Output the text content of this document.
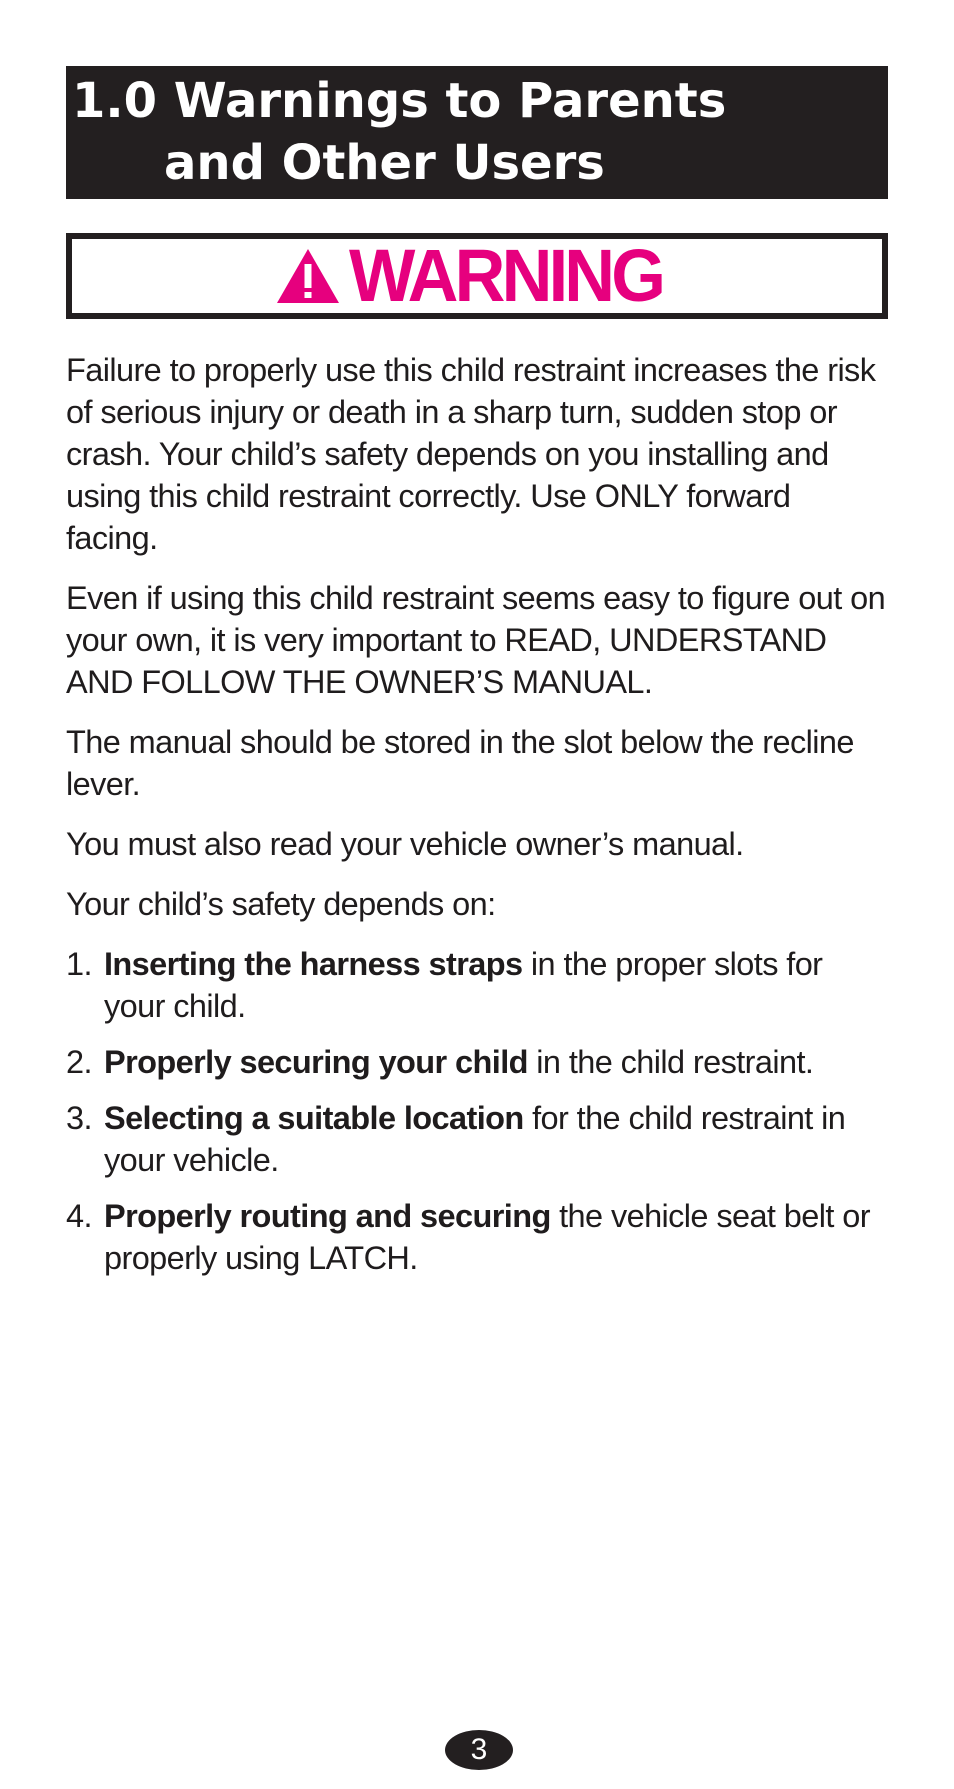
1.0 Warnings to Parents
and Other Users
WARNING

Failure to properly use this child restraint increases the risk of serious injury or death in a sharp turn, sudden stop or crash. Your child’s safety depends on you installing and using this child restraint correctly. Use ONLY forward facing.

Even if using this child restraint seems easy to figure out on your own, it is very important to READ, UNDERSTAND AND FOLLOW THE OWNER’S MANUAL.

The manual should be stored in the slot below the recline lever.

You must also read your vehicle owner’s manual.

Your child’s safety depends on:

1. Inserting the harness straps in the proper slots for your child.
2. Properly securing your child in the child restraint.
3. Selecting a suitable location for the child restraint in your vehicle.
4. Properly routing and securing the vehicle seat belt or properly using LATCH.
3
